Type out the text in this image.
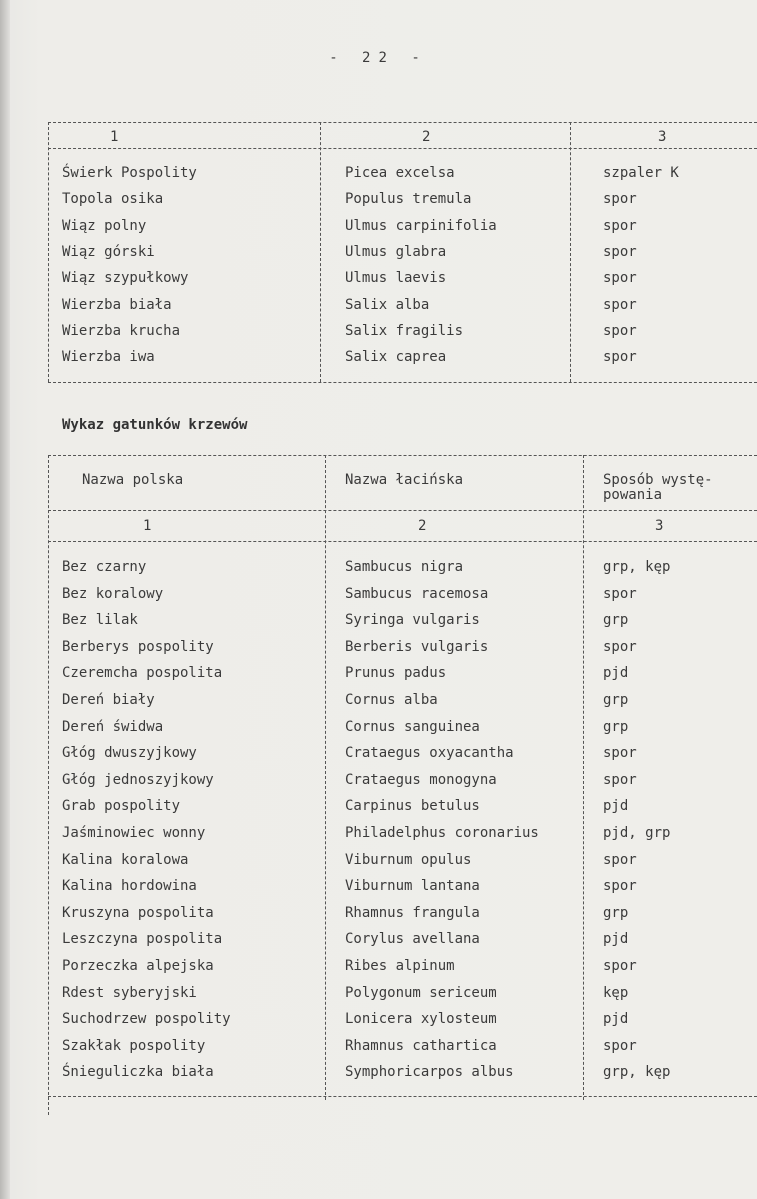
- 22 -
1	2	3
Świerk Pospolity	Picea excelsa	szpaler K
Topola osika	Populus tremula	spor
Wiąz polny	Ulmus carpinifolia	spor
Wiąz górski	Ulmus glabra	spor
Wiąz szypułkowy	Ulmus laevis	spor
Wierzba biała	Salix alba	spor
Wierzba krucha	Salix fragilis	spor
Wierzba iwa	Salix caprea	spor
Wykaz gatunków krzewów
Nazwa polska	Nazwa łacińska	Sposób wystę-
powania
1	2	3
Bez czarny	Sambucus nigra	grp, kęp
Bez koralowy	Sambucus racemosa	spor
Bez lilak	Syringa vulgaris	grp
Berberys pospolity	Berberis vulgaris	spor
Czeremcha pospolita	Prunus padus	pjd
Dereń biały	Cornus alba	grp
Dereń świdwa	Cornus sanguinea	grp
Głóg dwuszyjkowy	Crataegus oxyacantha	spor
Głóg jednoszyjkowy	Crataegus monogyna	spor
Grab pospolity	Carpinus betulus	pjd
Jaśminowiec wonny	Philadelphus coronarius	pjd, grp
Kalina koralowa	Viburnum opulus	spor
Kalina hordowina	Viburnum lantana	spor
Kruszyna pospolita	Rhamnus frangula	grp
Leszczyna pospolita	Corylus avellana	pjd
Porzeczka alpejska	Ribes alpinum	spor
Rdest syberyjski	Polygonum sericeum	kęp
Suchodrzew pospolity	Lonicera xylosteum	pjd
Szakłak pospolity	Rhamnus cathartica	spor
Śnieguliczka biała	Symphoricarpos albus	grp, kęp
